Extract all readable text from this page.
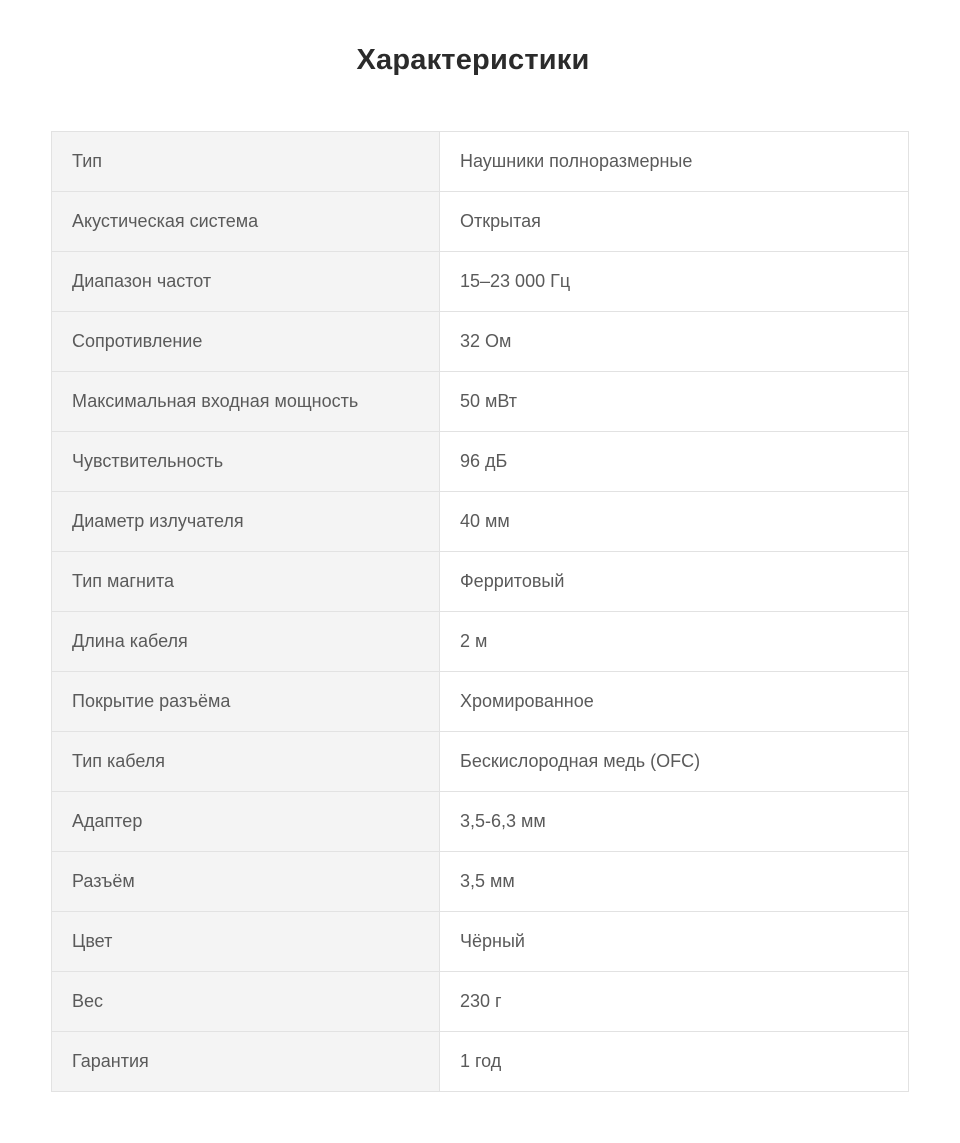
Характеристики
Тип	Наушники полноразмерные
Акустическая система	Открытая
Диапазон частот	15–23 000 Гц
Сопротивление	32 Ом
Максимальная входная мощность	50 мВт
Чувствительность	96 дБ
Диаметр излучателя	40 мм
Тип магнита	Ферритовый
Длина кабеля	2 м
Покрытие разъёма	Хромированное
Тип кабеля	Бескислородная медь (OFC)
Адаптер	3,5-6,3 мм
Разъём	3,5 мм
Цвет	Чёрный
Вес	230 г
Гарантия	1 год
